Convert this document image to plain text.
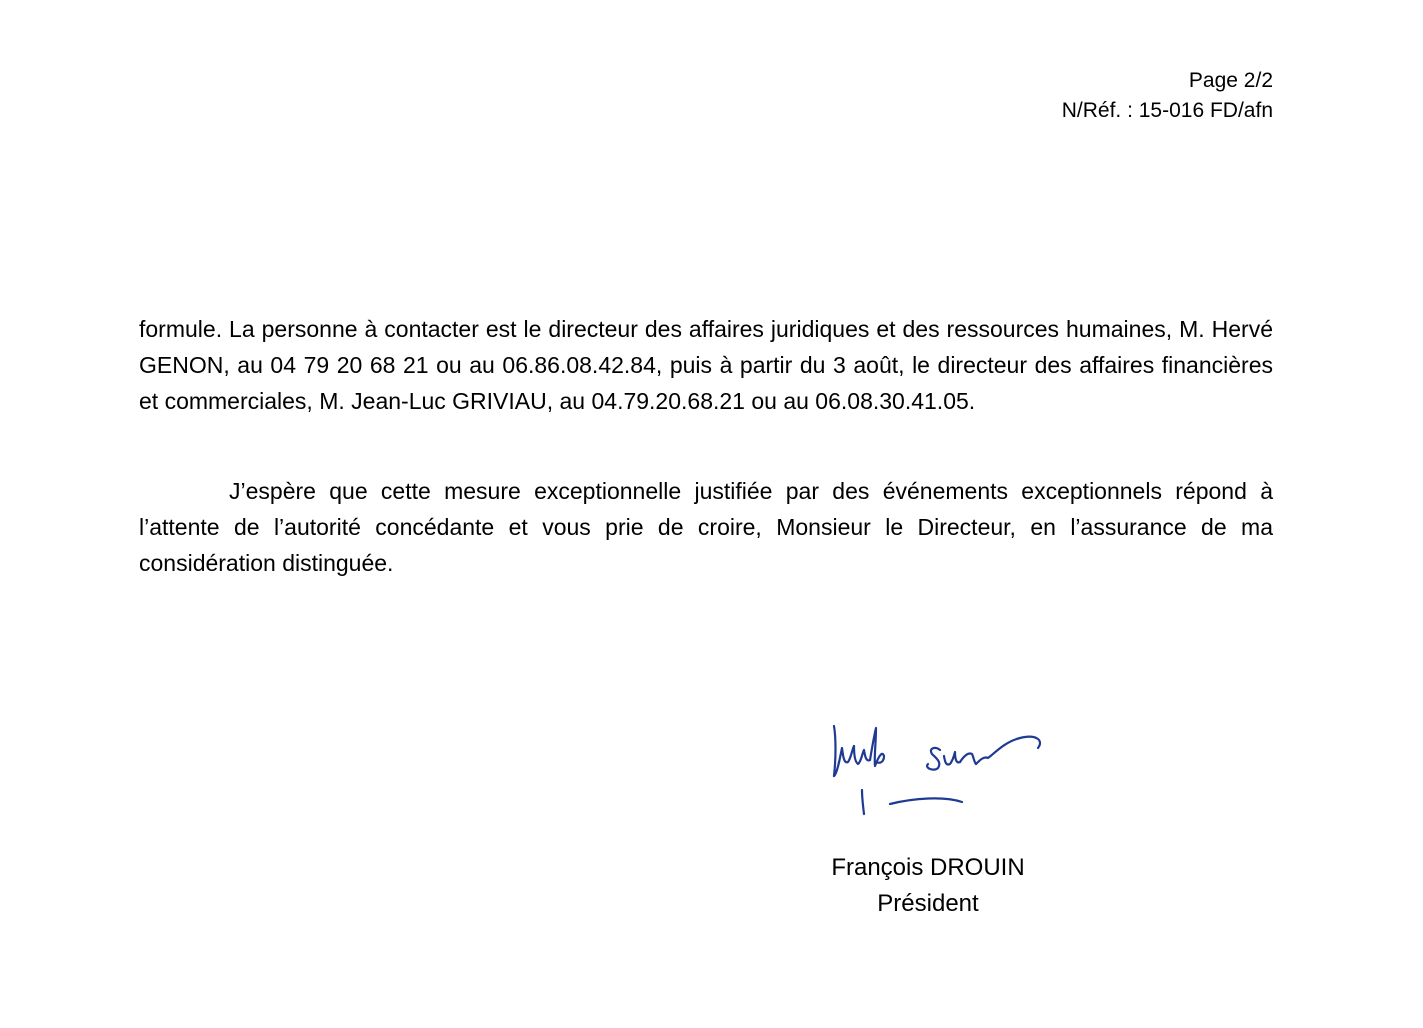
Page 2/2
N/Réf. : 15-016 FD/afn

formule. La personne à contacter est le directeur des affaires juridiques et des ressources humaines, M. Hervé GENON, au 04 79 20 68 21 ou au 06.86.08.42.84, puis à partir du 3 août, le directeur des affaires financières et commerciales, M. Jean-Luc GRIVIAU, au 04.79.20.68.21 ou au 06.08.30.41.05.

J’espère que cette mesure exceptionnelle justifiée par des événements exceptionnels répond à l’attente de l’autorité concédante et vous prie de croire, Monsieur le Directeur, en l’assurance de ma considération distinguée.

François DROUIN
Président
